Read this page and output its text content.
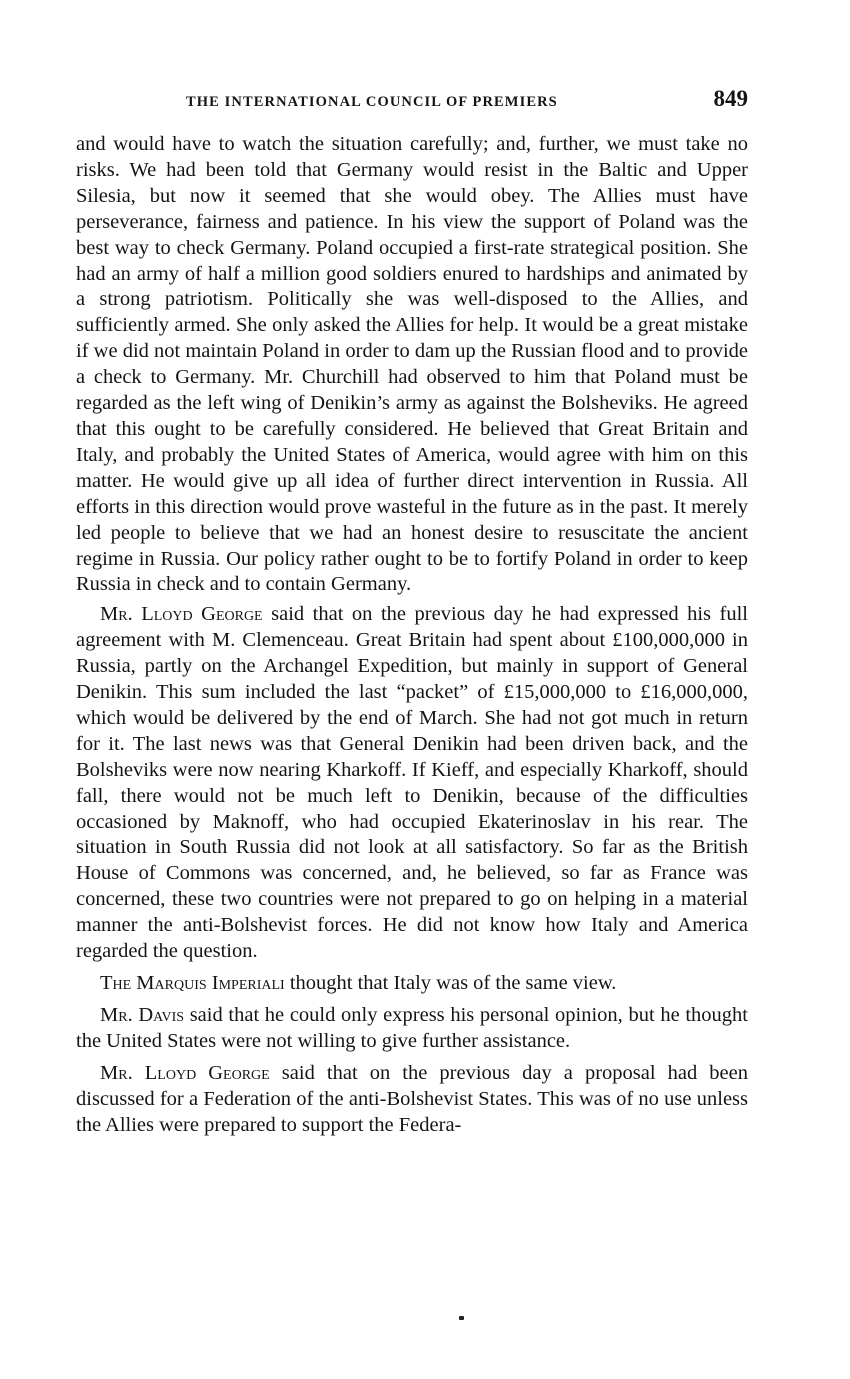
THE INTERNATIONAL COUNCIL OF PREMIERS	849

and would have to watch the situation carefully; and, further, we must take no risks. We had been told that Germany would resist in the Baltic and Upper Silesia, but now it seemed that she would obey. The Allies must have perseverance, fairness and patience. In his view the support of Poland was the best way to check Germany. Poland occupied a first-rate strategical position. She had an army of half a million good soldiers enured to hardships and animated by a strong patriotism. Politically she was well-disposed to the Allies, and sufficiently armed. She only asked the Allies for help. It would be a great mistake if we did not maintain Poland in order to dam up the Russian flood and to provide a check to Germany. Mr. Churchill had observed to him that Poland must be regarded as the left wing of Denikin’s army as against the Bolsheviks. He agreed that this ought to be carefully considered. He believed that Great Britain and Italy, and probably the United States of America, would agree with him on this matter. He would give up all idea of further direct intervention in Russia. All efforts in this direction would prove wasteful in the future as in the past. It merely led people to believe that we had an honest desire to resuscitate the ancient regime in Russia. Our policy rather ought to be to fortify Poland in order to keep Russia in check and to contain Germany.

Mr. Lloyd George said that on the previous day he had expressed his full agreement with M. Clemenceau. Great Britain had spent about £100,000,000 in Russia, partly on the Archangel Expedition, but mainly in support of General Denikin. This sum included the last “packet” of £15,000,000 to £16,000,000, which would be delivered by the end of March. She had not got much in return for it. The last news was that General Denikin had been driven back, and the Bolsheviks were now nearing Kharkoff. If Kieff, and especially Kharkoff, should fall, there would not be much left to Denikin, because of the difficulties occasioned by Maknoff, who had occupied Ekaterinoslav in his rear. The situation in South Russia did not look at all satisfactory. So far as the British House of Commons was concerned, and, he believed, so far as France was concerned, these two countries were not prepared to go on helping in a material manner the anti-Bolshevist forces. He did not know how Italy and America regarded the question.

The Marquis Imperiali thought that Italy was of the same view.

Mr. Davis said that he could only express his personal opinion, but he thought the United States were not willing to give further assistance.

Mr. Lloyd George said that on the previous day a proposal had been discussed for a Federation of the anti-Bolshevist States. This was of no use unless the Allies were prepared to support the Federa-
